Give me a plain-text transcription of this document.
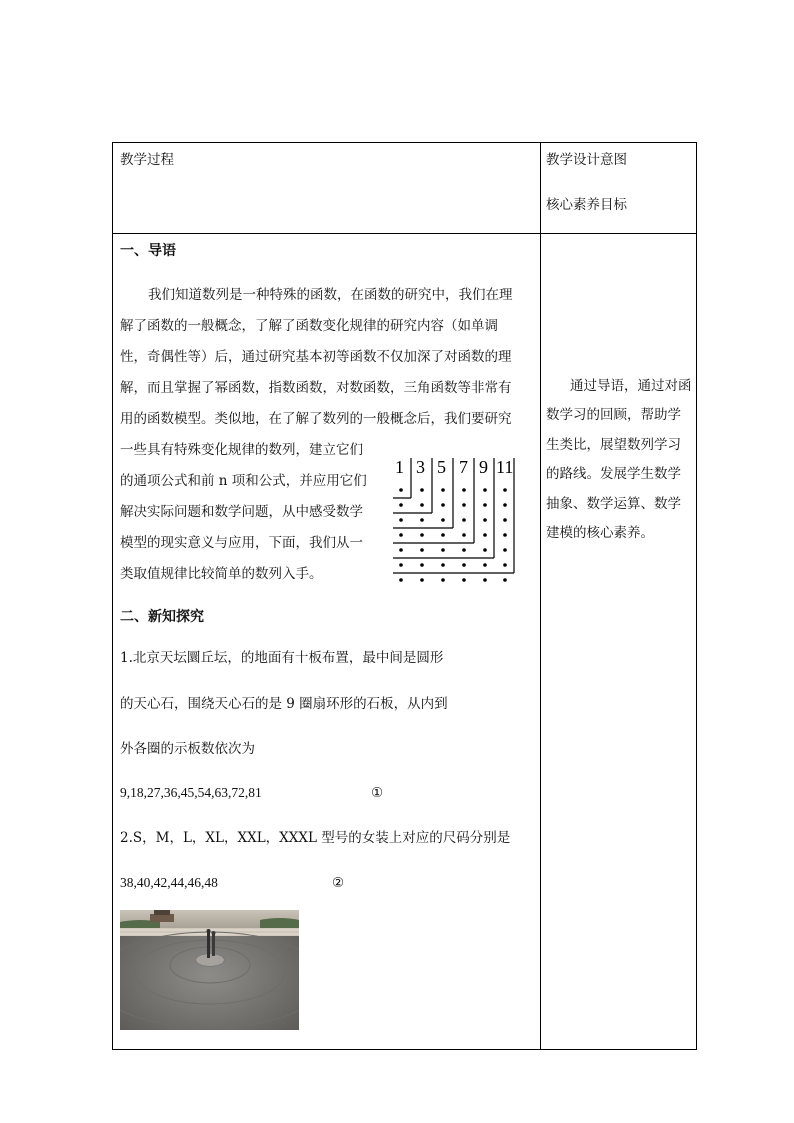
教学过程	教学设计意图
核心素养目标
一、导语
我们知道数列是一种特殊的函数，在函数的研究中，我们在理
解了函数的一般概念，了解了函数变化规律的研究内容（如单调
性，奇偶性等）后，通过研究基本初等函数不仅加深了对函数的理
解，而且掌握了幂函数，指数函数，对数函数，三角函数等非常有
用的函数模型。类似地，在了解了数列的一般概念后，我们要研究
一些具有特殊变化规律的数列，建立它们
的通项公式和前 n 项和公式，并应用它们
解决实际问题和数学问题，从中感受数学
模型的现实意义与应用，下面，我们从一
类取值规律比较简单的数列入手。
1 3 5 7 9 11
二、新知探究
1.北京天坛圜丘坛，的地面有十板布置，最中间是圆形
的天心石，围绕天心石的是 9 圈扇环形的石板，从内到
外各圈的示板数依次为
9,18,27,36,45,54,63,72,81	①
2.S，M，L，XL，XXL，XXXL 型号的女装上对应的尺码分别是
38,40,42,44,46,48	②
通过导语，通过对函数学习的回顾，帮助学生类比，展望数列学习的路线。发展学生数学抽象、数学运算、数学建模的核心素养。
